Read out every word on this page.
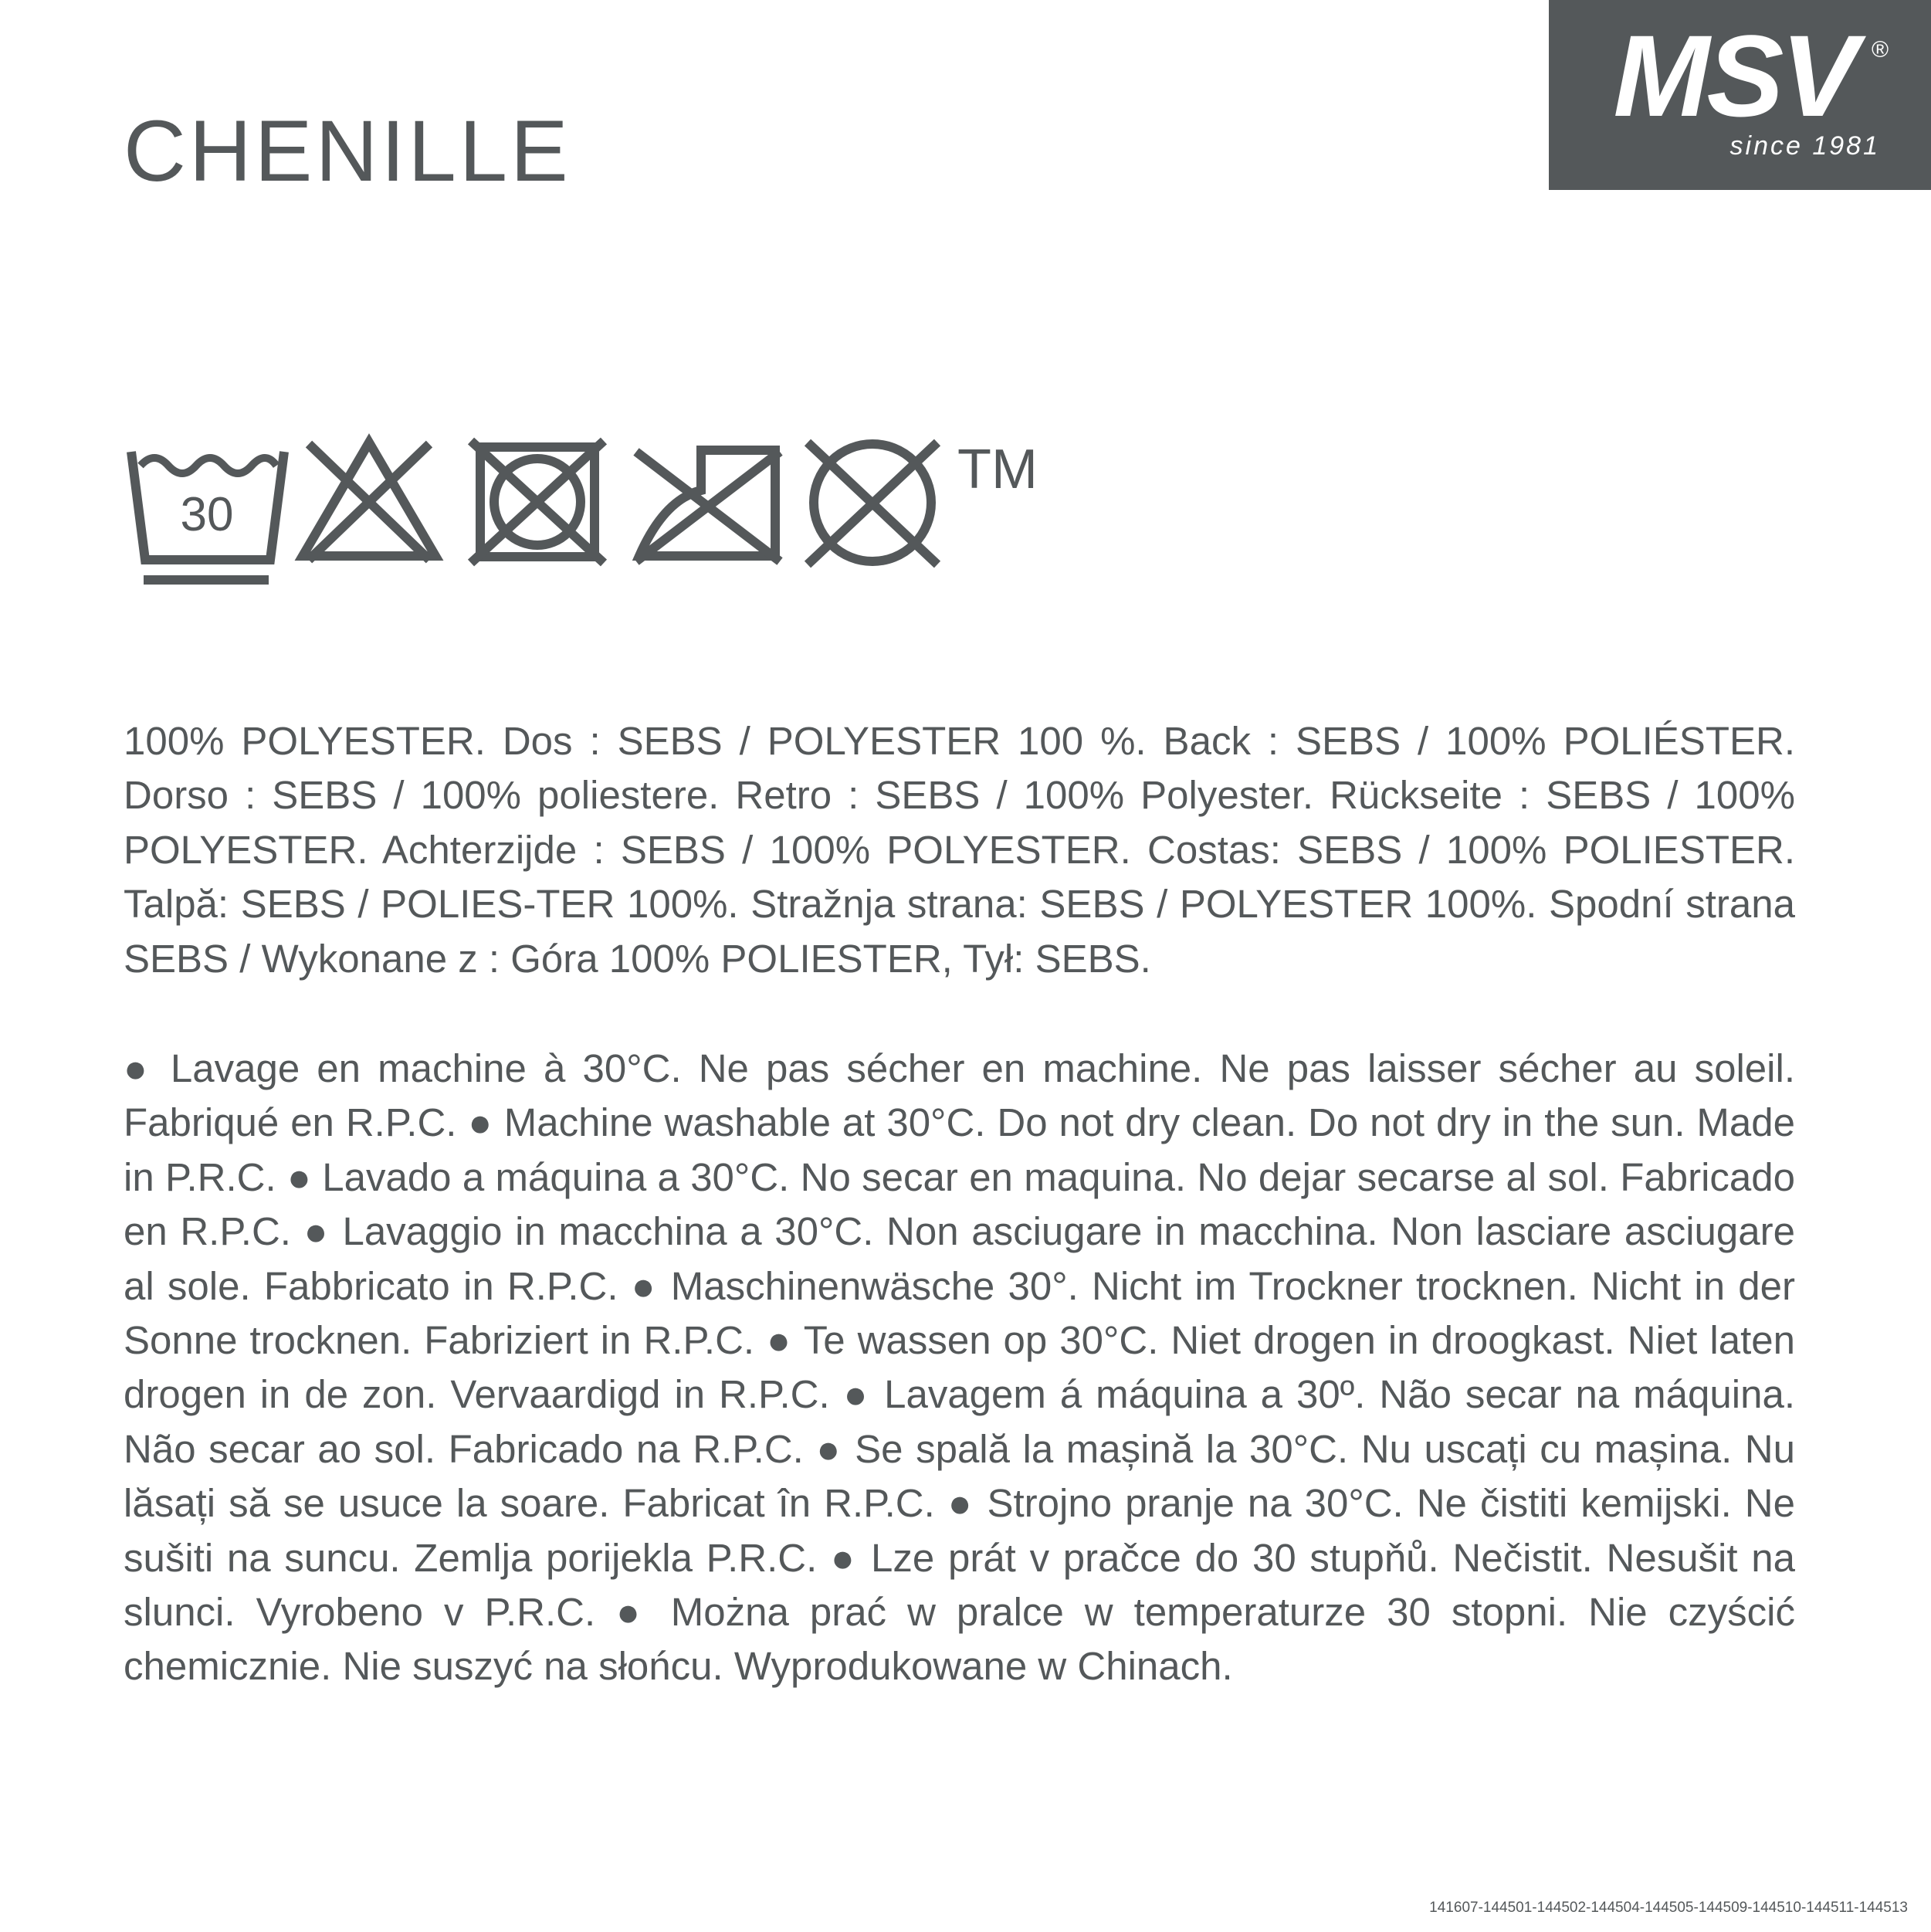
CHENILLE
MSV ®
since 1981
30
TM

100% POLYESTER. Dos : SEBS / POLYESTER 100 %. Back : SEBS / 100% POLIÉSTER. Dorso : SEBS / 100% poliestere. Retro : SEBS / 100% Polyester. Rückseite : SEBS / 100% POLYESTER. Achterzijde : SEBS / 100% POLYESTER. Costas: SEBS / 100% POLIESTER. Talpă: SEBS / POLIES-TER 100%. Stražnja strana: SEBS / POLYESTER 100%. Spodní strana SEBS / Wykonane z : Góra 100% POLIESTER, Tył: SEBS.

● Lavage en machine à 30°C. Ne pas sécher en machine. Ne pas laisser sécher au soleil. Fabriqué en R.P.C. ● Machine washable at 30°C. Do not dry clean. Do not dry in the sun. Made in P.R.C. ● Lavado a máquina a 30°C. No secar en maquina. No dejar secarse al sol. Fabricado en R.P.C. ● Lavaggio in macchina a 30°C. Non asciugare in macchina. Non lasciare asciugare al sole. Fabbricato in R.P.C. ● Maschinenwäsche 30°. Nicht im Trockner trocknen. Nicht in der Sonne trocknen. Fabriziert in R.P.C. ● Te wassen op 30°C. Niet drogen in droogkast. Niet laten drogen in de zon. Vervaardigd in R.P.C. ● Lavagem á máquina a 30º. Não secar na máquina. Não secar ao sol. Fabricado na R.P.C. ● Se spală la mașină la 30°C. Nu uscați cu mașina. Nu lăsați să se usuce la soare. Fabricat în R.P.C. ● Strojno pranje na 30°C. Ne čistiti kemijski. Ne sušiti na suncu. Zemlja porijekla P.R.C. ● Lze prát v pračce do 30 stupňů. Nečistit. Nesušit na slunci. Vyrobeno v P.R.C. ● Można prać w pralce w temperaturze 30 stopni. Nie czyścić chemicznie. Nie suszyć na słońcu. Wyprodukowane w Chinach.

141607-144501-144502-144504-144505-144509-144510-144511-144513
